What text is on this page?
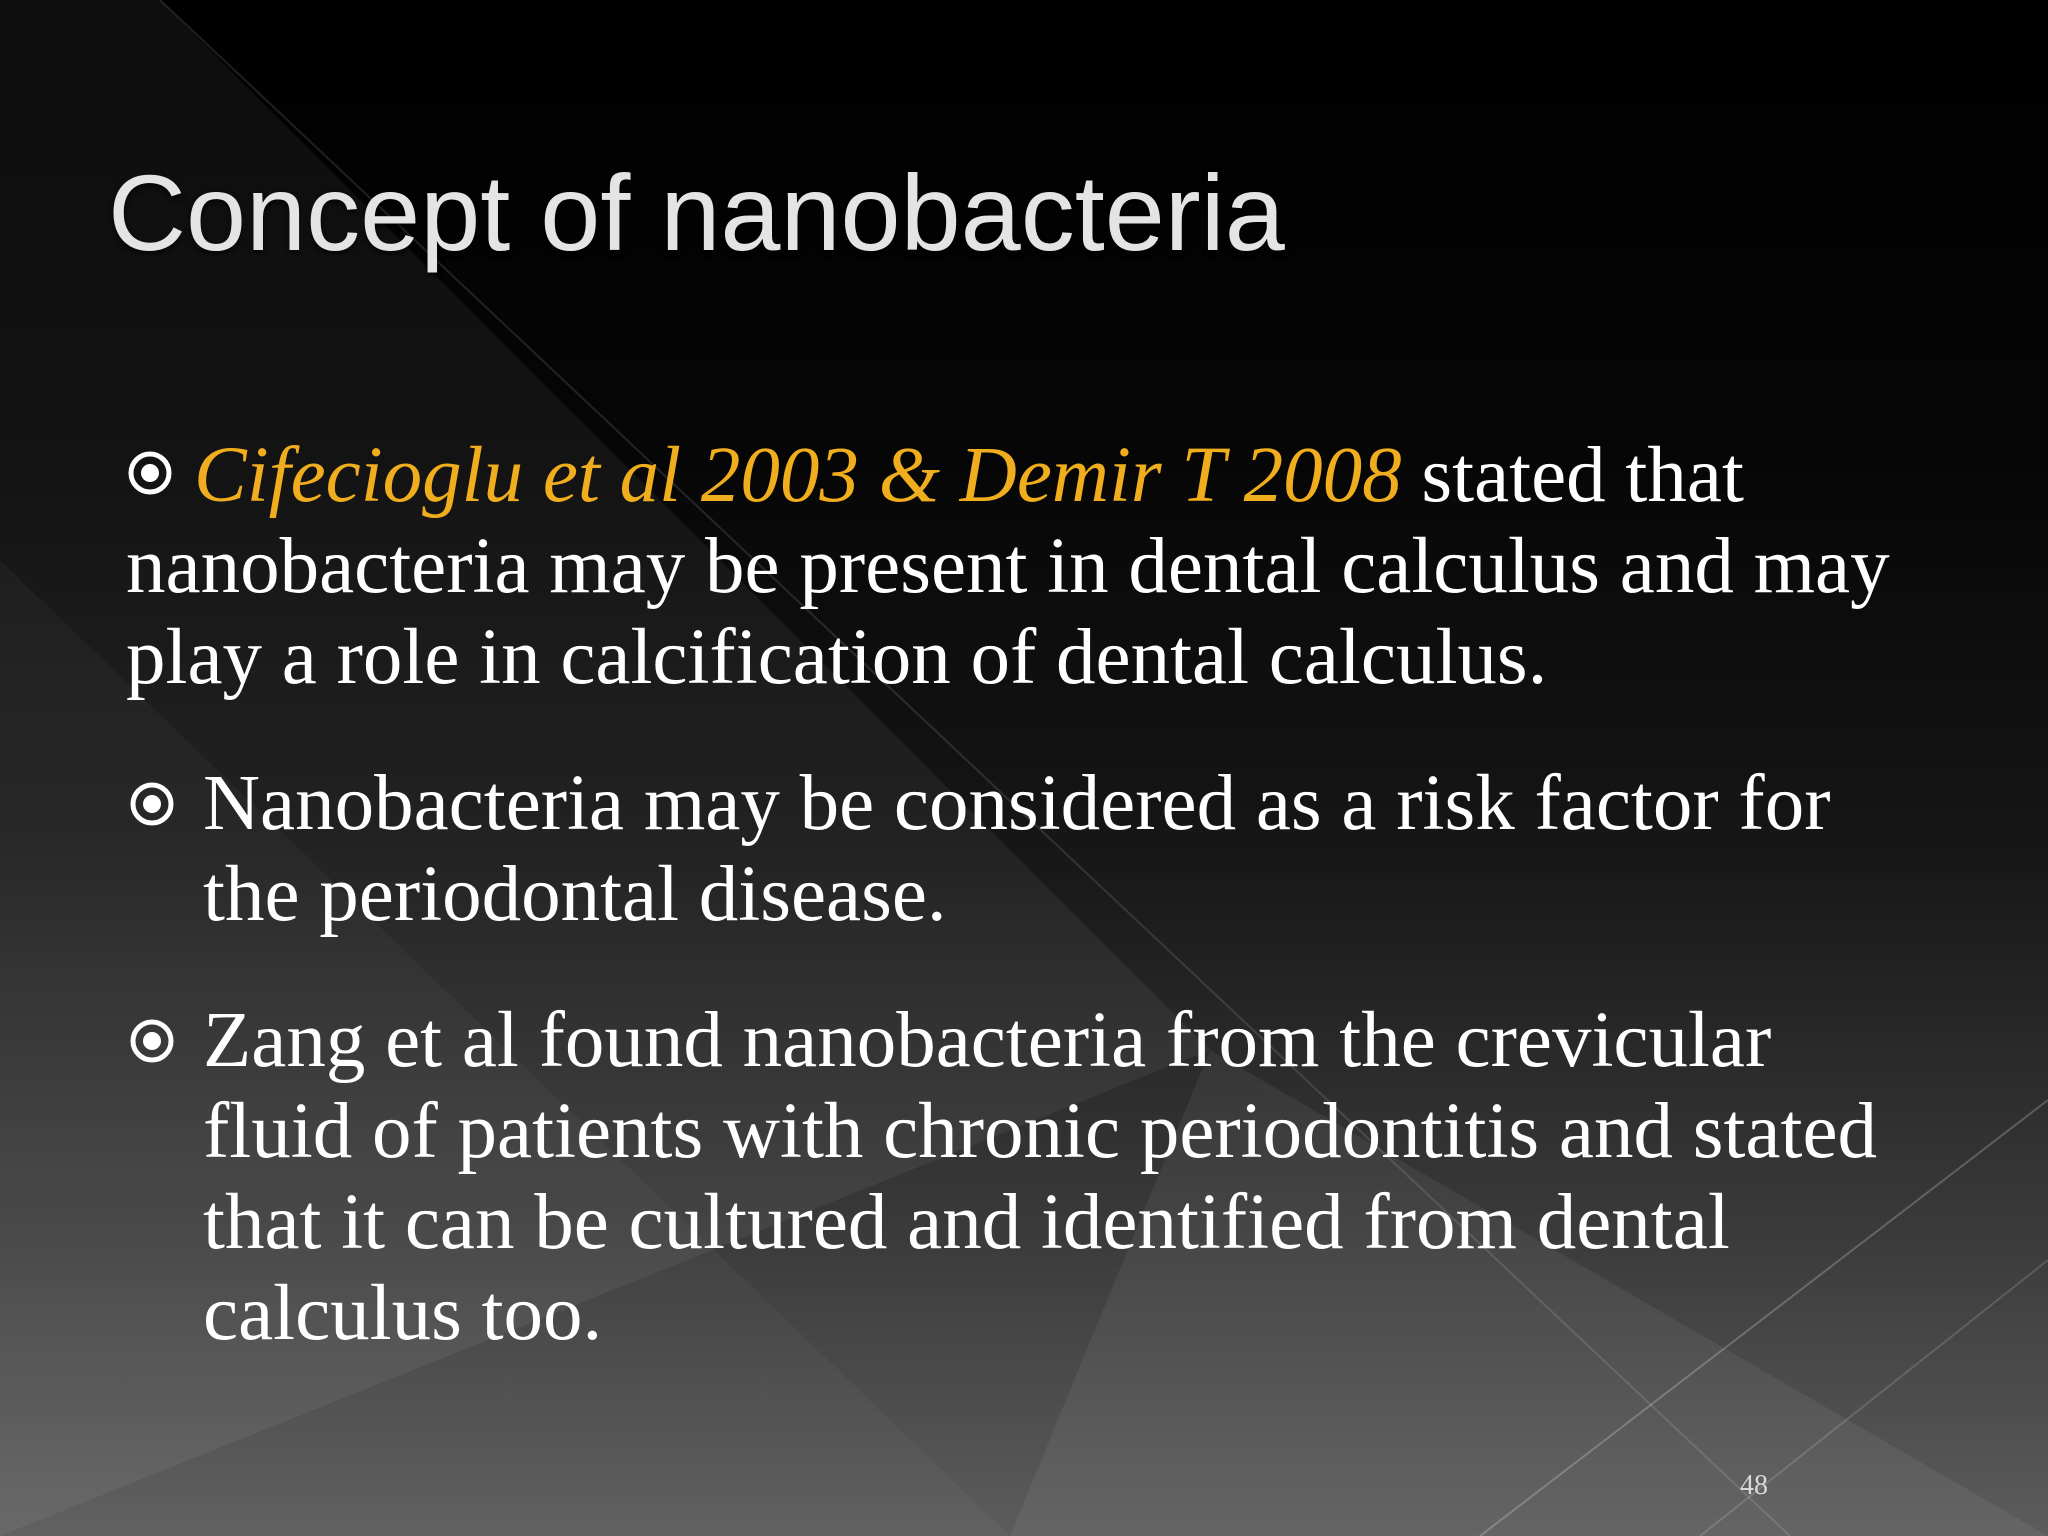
Concept of nanobacteria
Cifecioglu et al 2003 & Demir T 2008 stated that nanobacteria may be present in dental calculus and may play a role in calcification of dental calculus.
Nanobacteria may be considered as a risk factor for the periodontal disease.
Zang et al found nanobacteria from the crevicular fluid of patients with chronic periodontitis and stated that it can be cultured and identified from dental calculus too.
48
